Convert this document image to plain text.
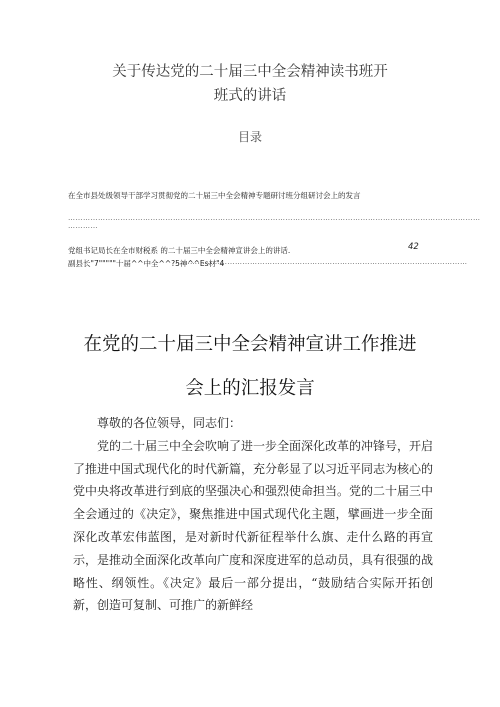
关于传达党的二十届三中全会精神读书班开
班式的讲话
目录
在全市县处级领导干部学习贯彻党的二十届三中全会精神专题研讨班分组研讨会上的发言
…………………………………………………………………………………………………………………………………………………
…………
党组书记局长在全市财税系 的二十届三中全会精神宣讲会上的讲话.	42
副县长"7"""""十届^^中全^^?5神^^Es材"4
………………………………………………………………………………………………………
在党的二十届三中全会精神宣讲工作推进
会上的汇报发言

尊敬的各位领导，同志们：

党的二十届三中全会吹响了进一步全面深化改革的冲锋号，开启了推进中国式现代化的时代新篇，充分彰显了以习近平同志为核心的党中央将改革进行到底的坚强决心和强烈使命担当。党的二十届三中全会通过的《决定》，聚焦推进中国式现代化主题，擘画进一步全面深化改革宏伟蓝图，是对新时代新征程举什么旗、走什么路的再宣示，是推动全面深化改革向广度和深度进军的总动员，具有很强的战略性、纲领性。《决定》最后一部分提出，“鼓励结合实际开拓创新，创造可复制、可推广的新鲜经
